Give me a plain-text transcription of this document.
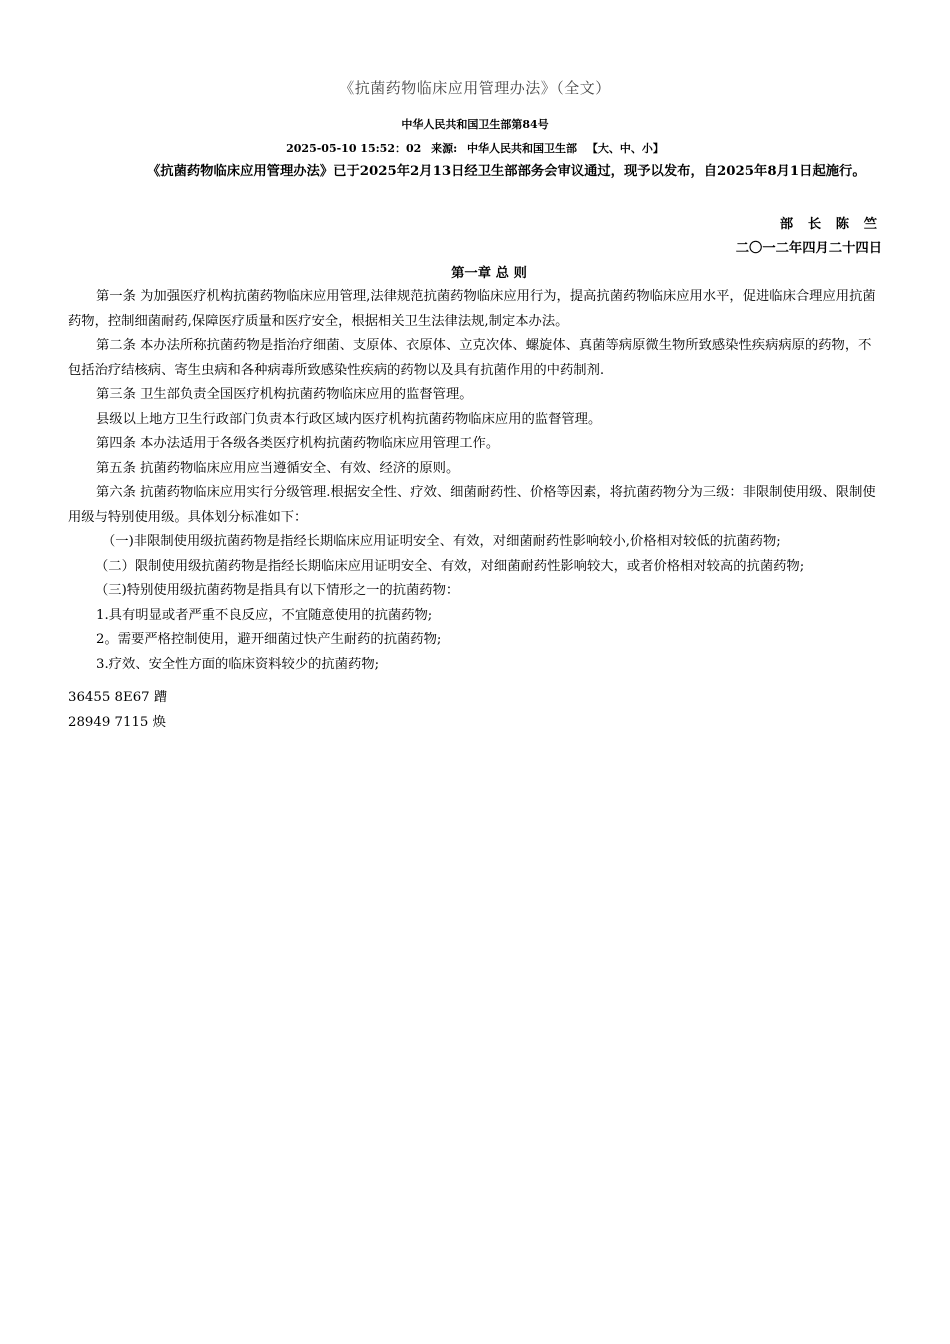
《抗菌药物临床应用管理办法》（全文）
中华人民共和国卫生部第84号
2025-05-10 15:52：02 来源: 中华人民共和国卫生部 【大、中、小】
《抗菌药物临床应用管理办法》已于2025年2月13日经卫生部部务会审议通过，现予以发布，自2025年8月1日起施行。
部 长 陈 竺
二〇一二年四月二十四日
第一章 总 则

第一条 为加强医疗机构抗菌药物临床应用管理,法律规范抗菌药物临床应用行为，提高抗菌药物临床应用水平，促进临床合理应用抗菌药物，控制细菌耐药,保障医疗质量和医疗安全，根据相关卫生法律法规,制定本办法。

第二条 本办法所称抗菌药物是指治疗细菌、支原体、衣原体、立克次体、螺旋体、真菌等病原微生物所致感染性疾病病原的药物，不包括治疗结核病、寄生虫病和各种病毒所致感染性疾病的药物以及具有抗菌作用的中药制剂.

第三条 卫生部负责全国医疗机构抗菌药物临床应用的监督管理。

县级以上地方卫生行政部门负责本行政区域内医疗机构抗菌药物临床应用的监督管理。

第四条 本办法适用于各级各类医疗机构抗菌药物临床应用管理工作。

第五条 抗菌药物临床应用应当遵循安全、有效、经济的原则。

第六条 抗菌药物临床应用实行分级管理.根据安全性、疗效、细菌耐药性、价格等因素，将抗菌药物分为三级：非限制使用级、限制使用级与特别使用级。具体划分标准如下：

（一)非限制使用级抗菌药物是指经长期临床应用证明安全、有效，对细菌耐药性影响较小,价格相对较低的抗菌药物;

（二）限制使用级抗菌药物是指经长期临床应用证明安全、有效，对细菌耐药性影响较大，或者价格相对较高的抗菌药物;

（三)特别使用级抗菌药物是指具有以下情形之一的抗菌药物：

1.具有明显或者严重不良反应，不宜随意使用的抗菌药物;

2。需要严格控制使用，避开细菌过快产生耐药的抗菌药物;

3.疗效、安全性方面的临床资料较少的抗菌药物;

36455 8E67 蹧
28949 7115 焕
